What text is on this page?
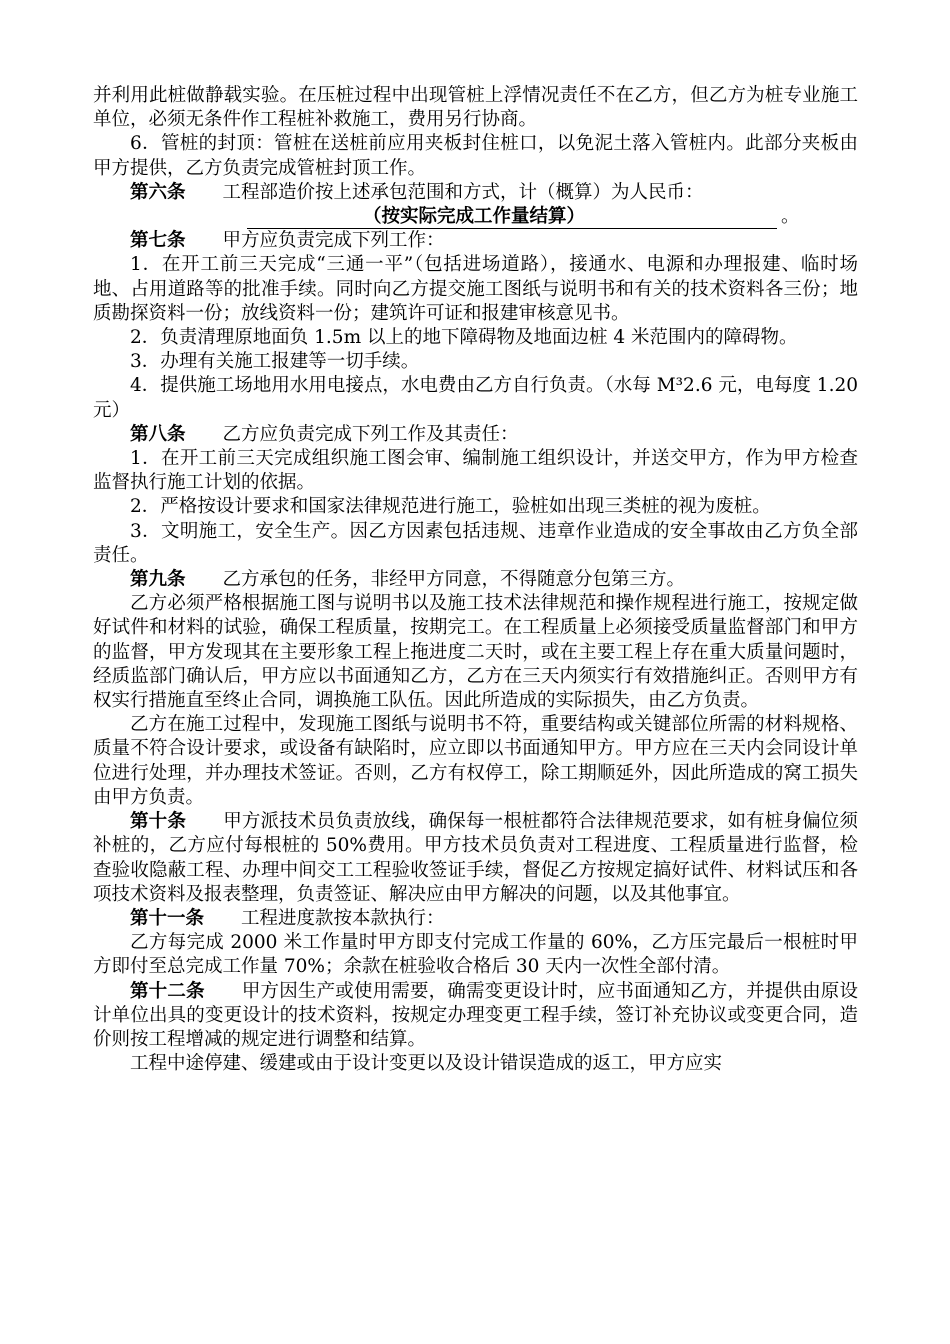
并利用此桩做静载实验。在压桩过程中出现管桩上浮情况责任不在乙方，但乙方为桩专业施工单位，必须无条件作工程桩补救施工，费用另行协商。

6．管桩的封顶：管桩在送桩前应用夹板封住桩口，以免泥土落入管桩内。此部分夹板由甲方提供，乙方负责完成管桩封顶工作。

第六条 工程部造价按上述承包范围和方式，计（概算）为人民币：

（按实际完成工作量结算）	。

第七条 甲方应负责完成下列工作：

1．在开工前三天完成“三通一平”（包括进场道路），接通水、电源和办理报建、临时场地、占用道路等的批准手续。同时向乙方提交施工图纸与说明书和有关的技术资料各三份；地质勘探资料一份；放线资料一份；建筑许可证和报建审核意见书。

2．负责清理原地面负 1.5m 以上的地下障碍物及地面边桩 4 米范围内的障碍物。

3．办理有关施工报建等一切手续。

4．提供施工场地用水用电接点，水电费由乙方自行负责。（水每 M³2.6 元，电每度 1.20 元）

第八条 乙方应负责完成下列工作及其责任：

1．在开工前三天完成组织施工图会审、编制施工组织设计，并送交甲方，作为甲方检查监督执行施工计划的依据。

2．严格按设计要求和国家法律规范进行施工，验桩如出现三类桩的视为废桩。

3．文明施工，安全生产。因乙方因素包括违规、违章作业造成的安全事故由乙方负全部责任。

第九条 乙方承包的任务，非经甲方同意，不得随意分包第三方。

乙方必须严格根据施工图与说明书以及施工技术法律规范和操作规程进行施工，按规定做好试件和材料的试验，确保工程质量，按期完工。在工程质量上必须接受质量监督部门和甲方的监督，甲方发现其在主要形象工程上拖进度二天时，或在主要工程上存在重大质量问题时，经质监部门确认后，甲方应以书面通知乙方，乙方在三天内须实行有效措施纠正。否则甲方有权实行措施直至终止合同，调换施工队伍。因此所造成的实际损失，由乙方负责。

乙方在施工过程中，发现施工图纸与说明书不符，重要结构或关键部位所需的材料规格、质量不符合设计要求，或设备有缺陷时，应立即以书面通知甲方。甲方应在三天内会同设计单位进行处理，并办理技术签证。否则，乙方有权停工，除工期顺延外，因此所造成的窝工损失由甲方负责。

第十条 甲方派技术员负责放线，确保每一根桩都符合法律规范要求，如有桩身偏位须补桩的，乙方应付每根桩的 50%费用。甲方技术员负责对工程进度、工程质量进行监督，检查验收隐蔽工程、办理中间交工工程验收签证手续，督促乙方按规定搞好试件、材料试压和各项技术资料及报表整理，负责签证、解决应由甲方解决的问题，以及其他事宜。

第十一条 工程进度款按本款执行：

乙方每完成 2000 米工作量时甲方即支付完成工作量的 60%，乙方压完最后一根桩时甲方即付至总完成工作量 70%；余款在桩验收合格后 30 天内一次性全部付清。

第十二条 甲方因生产或使用需要，确需变更设计时，应书面通知乙方，并提供由原设计单位出具的变更设计的技术资料，按规定办理变更工程手续，签订补充协议或变更合同，造价则按工程增减的规定进行调整和结算。

工程中途停建、缓建或由于设计变更以及设计错误造成的返工，甲方应实
